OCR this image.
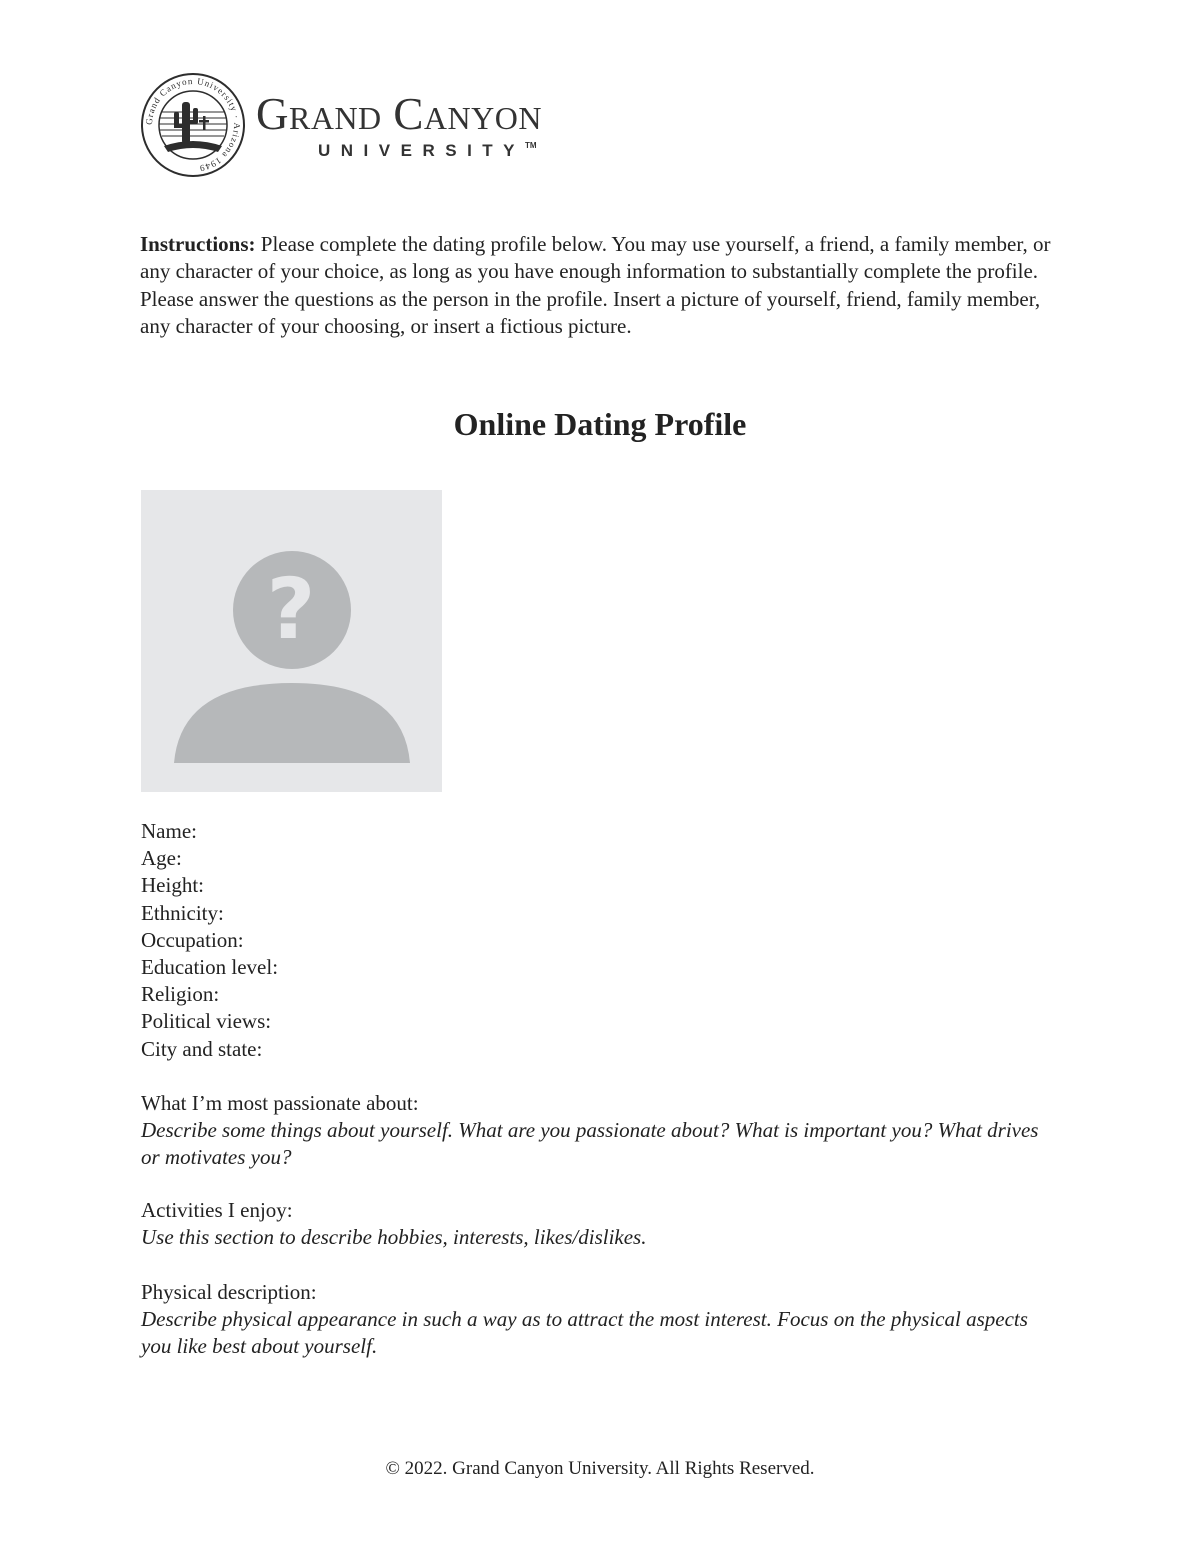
Grand Canyon University · Arizona 1949
Grand Canyon
UNIVERSITY™

Instructions: Please complete the dating profile below. You may use yourself, a friend, a family member, or any character of your choice, as long as you have enough information to substantially complete the profile. Please answer the questions as the person in the profile. Insert a picture of yourself, friend, family member, any character of your choosing, or insert a fictious picture.

Online Dating Profile
?
Name:
Age:
Height:
Ethnicity:
Occupation:
Education level:
Religion:
Political views:
City and state:
What I’m most passionate about:
Describe some things about yourself. What are you passionate about? What is important you? What drives or motivates you?
Activities I enjoy:
Use this section to describe hobbies, interests, likes/dislikes.
Physical description:
Describe physical appearance in such a way as to attract the most interest. Focus on the physical aspects you like best about yourself.
© 2022. Grand Canyon University. All Rights Reserved.
